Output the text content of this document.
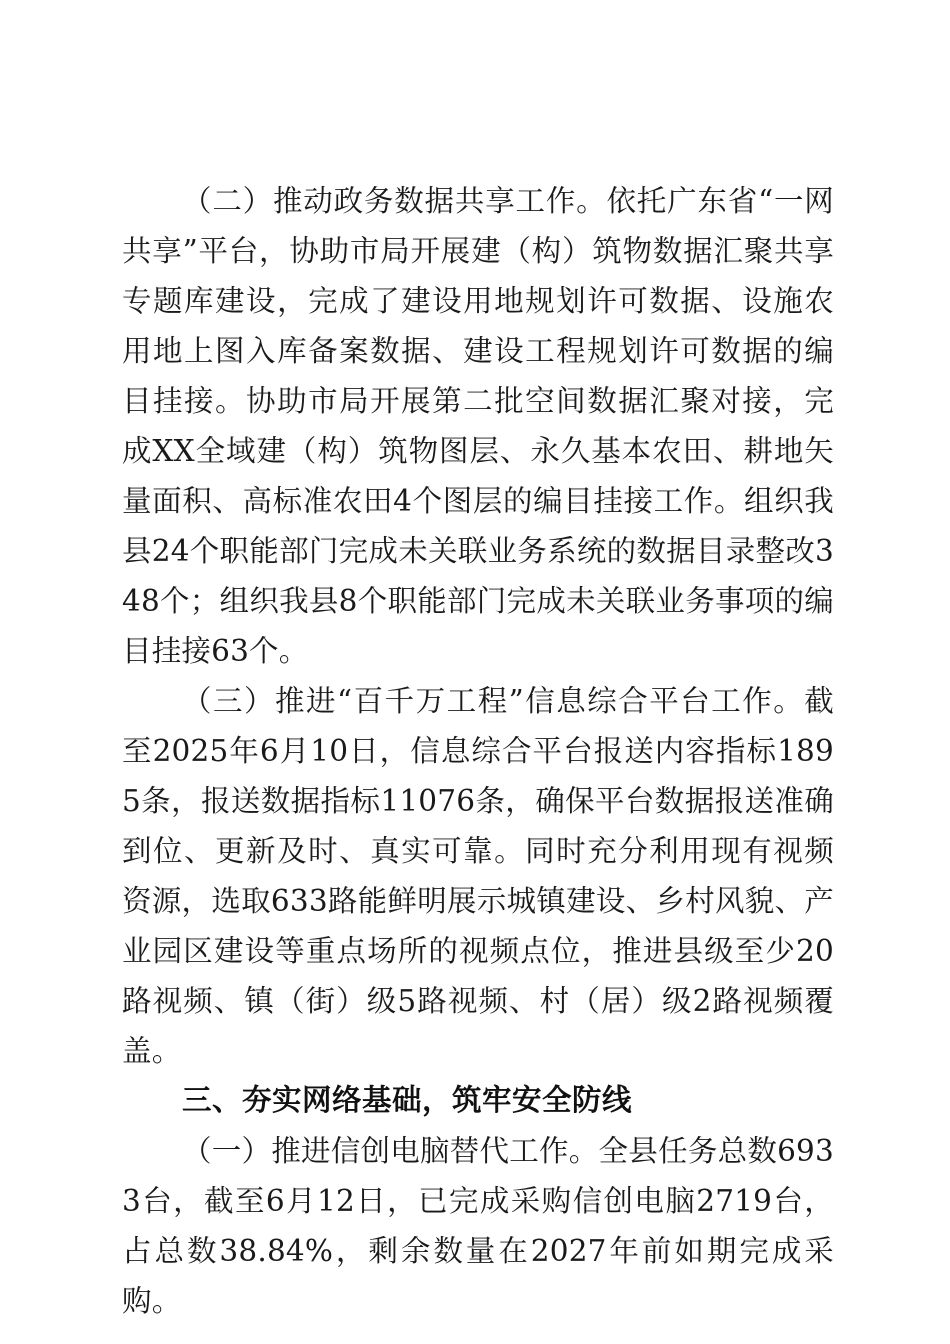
（二）推动政务数据共享工作。依托广东省“一网共享”平台，协助市局开展建（构）筑物数据汇聚共享专题库建设，完成了建设用地规划许可数据、设施农用地上图入库备案数据、建设工程规划许可数据的编目挂接。协助市局开展第二批空间数据汇聚对接，完成XX全域建（构）筑物图层、永久基本农田、耕地矢量面积、高标准农田4个图层的编目挂接工作。组织我县24个职能部门完成未关联业务系统的数据目录整改348个；组织我县8个职能部门完成未关联业务事项的编目挂接63个。

（三）推进“百千万工程”信息综合平台工作。截至2025年6月10日，信息综合平台报送内容指标1895条，报送数据指标11076条，确保平台数据报送准确到位、更新及时、真实可靠。同时充分利用现有视频资源，选取633路能鲜明展示城镇建设、乡村风貌、产业园区建设等重点场所的视频点位，推进县级至少20路视频、镇（街）级5路视频、村（居）级2路视频覆盖。

三、夯实网络基础，筑牢安全防线

（一）推进信创电脑替代工作。全县任务总数6933台，截至6月12日，已完成采购信创电脑2719台，占总数38.84%，剩余数量在2027年前如期完成采购。
